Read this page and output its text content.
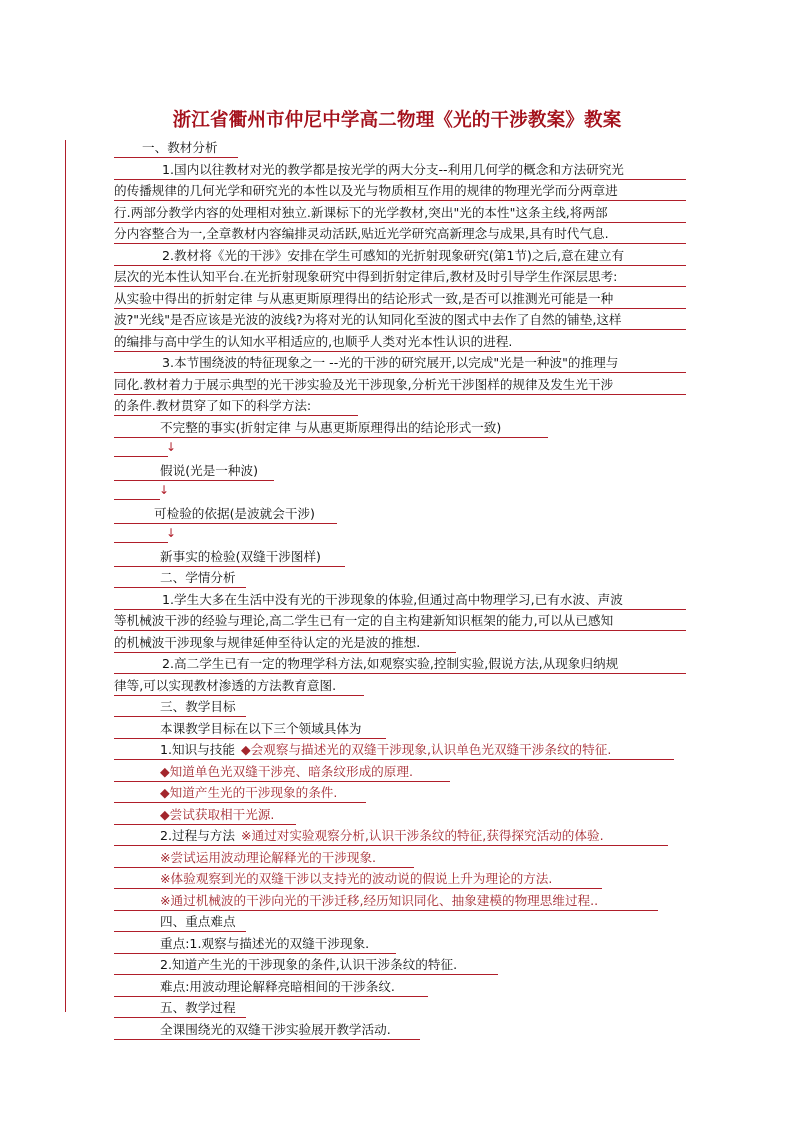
浙江省衢州市仲尼中学高二物理《光的干涉教案》教案
一、教材分析
1.国内以往教材对光的教学都是按光学的两大分支--利用几何学的概念和方法研究光
的传播规律的几何光学和研究光的本性以及光与物质相互作用的规律的物理光学而分两章进
行.两部分教学内容的处理相对独立.新课标下的光学教材,突出"光的本性"这条主线,将两部
分内容整合为一,全章教材内容编排灵动活跃,贴近光学研究高新理念与成果,具有时代气息.
2.教材将《光的干涉》安排在学生可感知的光折射现象研究(第1节)之后,意在建立有
层次的光本性认知平台.在光折射现象研究中得到折射定律后,教材及时引导学生作深层思考:
从实验中得出的折射定律 与从惠更斯原理得出的结论形式一致,是否可以推测光可能是一种
波?"光线"是否应该是光波的波线?为将对光的认知同化至波的图式中去作了自然的铺垫,这样
的编排与高中学生的认知水平相适应的,也顺乎人类对光本性认识的进程.
3.本节围绕波的特征现象之一 --光的干涉的研究展开,以完成"光是一种波"的推理与
同化.教材着力于展示典型的光干涉实验及光干涉现象,分析光干涉图样的规律及发生光干涉
的条件.教材贯穿了如下的科学方法:
不完整的事实(折射定律 与从惠更斯原理得出的结论形式一致)
↓
假说(光是一种波)
↓
可检验的依据(是波就会干涉)
↓
新事实的检验(双缝干涉图样)
二、学情分析
1.学生大多在生活中没有光的干涉现象的体验,但通过高中物理学习,已有水波、声波
等机械波干涉的经验与理论,高二学生已有一定的自主构建新知识框架的能力,可以从已感知
的机械波干涉现象与规律延伸至待认定的光是波的推想.
2.高二学生已有一定的物理学科方法,如观察实验,控制实验,假说方法,从现象归纳规
律等,可以实现教材渗透的方法教育意图.
三、教学目标
本课教学目标在以下三个领域具体为
1.知识与技能 ◆会观察与描述光的双缝干涉现象,认识单色光双缝干涉条纹的特征.
◆知道单色光双缝干涉亮、暗条纹形成的原理.
◆知道产生光的干涉现象的条件.
◆尝试获取相干光源.
2.过程与方法 ※通过对实验观察分析,认识干涉条纹的特征,获得探究活动的体验.
※尝试运用波动理论解释光的干涉现象.
※体验观察到光的双缝干涉以支持光的波动说的假说上升为理论的方法.
※通过机械波的干涉向光的干涉迁移,经历知识同化、抽象建模的物理思维过程..
四、重点难点
重点:1.观察与描述光的双缝干涉现象.
2.知道产生光的干涉现象的条件,认识干涉条纹的特征.
难点:用波动理论解释亮暗相间的干涉条纹.
五、教学过程
全课围绕光的双缝干涉实验展开教学活动.
